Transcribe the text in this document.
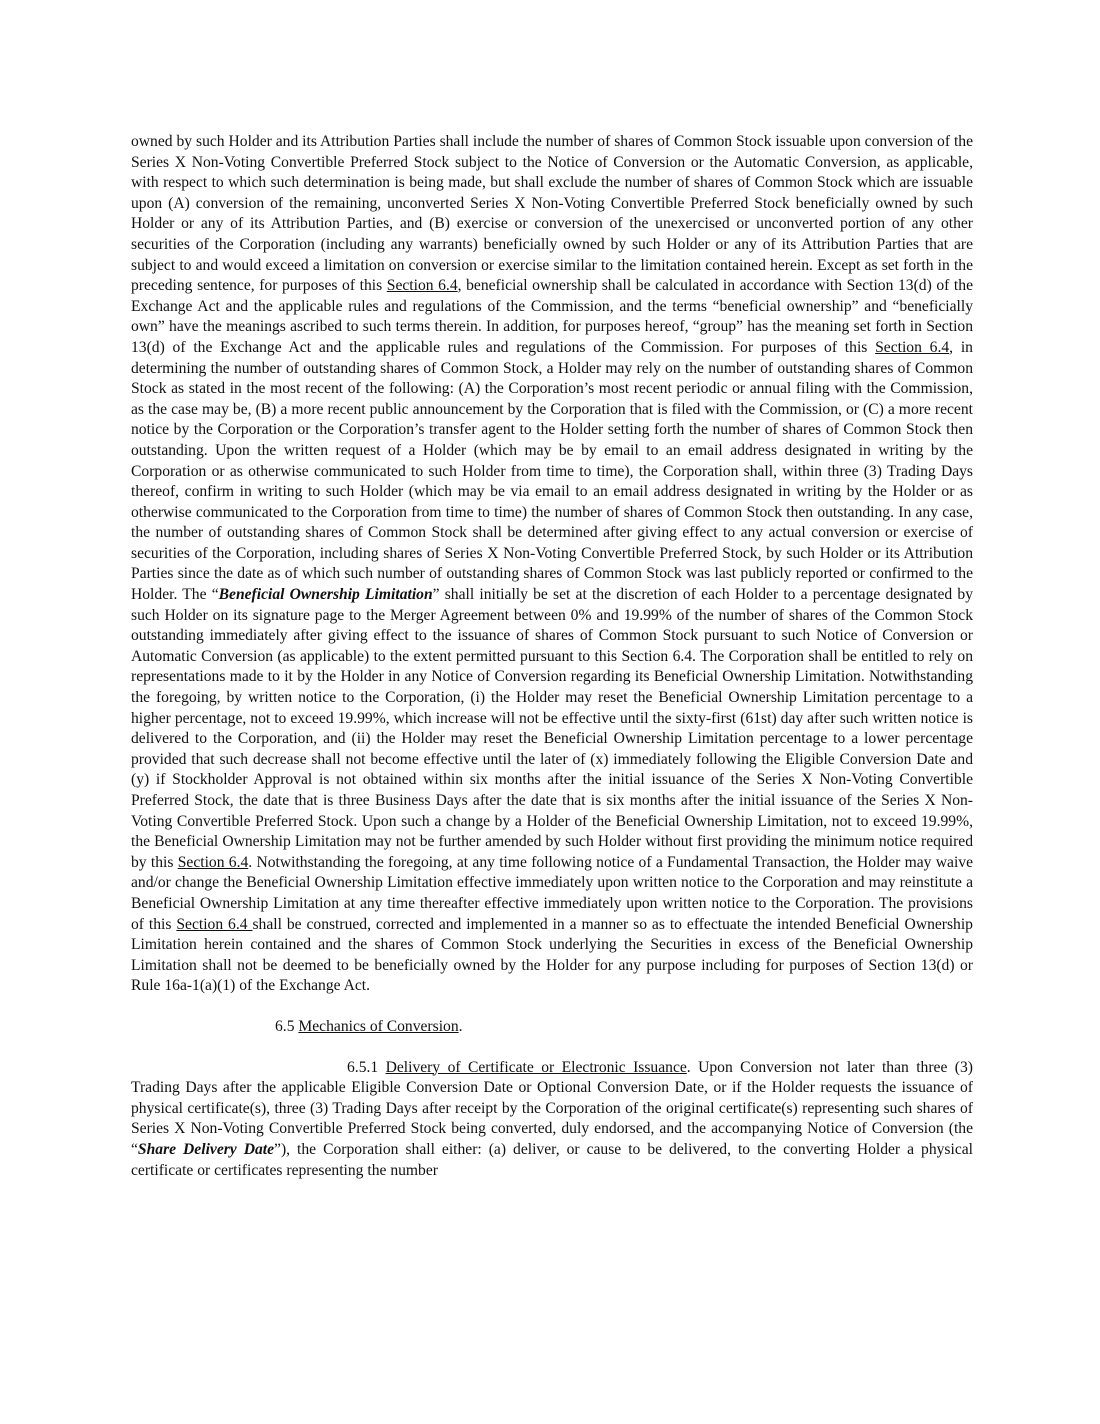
owned by such Holder and its Attribution Parties shall include the number of shares of Common Stock issuable upon conversion of the Series X Non-Voting Convertible Preferred Stock subject to the Notice of Conversion or the Automatic Conversion, as applicable, with respect to which such determination is being made, but shall exclude the number of shares of Common Stock which are issuable upon (A) conversion of the remaining, unconverted Series X Non-Voting Convertible Preferred Stock beneficially owned by such Holder or any of its Attribution Parties, and (B) exercise or conversion of the unexercised or unconverted portion of any other securities of the Corporation (including any warrants) beneficially owned by such Holder or any of its Attribution Parties that are subject to and would exceed a limitation on conversion or exercise similar to the limitation contained herein. Except as set forth in the preceding sentence, for purposes of this Section 6.4, beneficial ownership shall be calculated in accordance with Section 13(d) of the Exchange Act and the applicable rules and regulations of the Commission, and the terms “beneficial ownership” and “beneficially own” have the meanings ascribed to such terms therein. In addition, for purposes hereof, “group” has the meaning set forth in Section 13(d) of the Exchange Act and the applicable rules and regulations of the Commission. For purposes of this Section 6.4, in determining the number of outstanding shares of Common Stock, a Holder may rely on the number of outstanding shares of Common Stock as stated in the most recent of the following: (A) the Corporation’s most recent periodic or annual filing with the Commission, as the case may be, (B) a more recent public announcement by the Corporation that is filed with the Commission, or (C) a more recent notice by the Corporation or the Corporation’s transfer agent to the Holder setting forth the number of shares of Common Stock then outstanding. Upon the written request of a Holder (which may be by email to an email address designated in writing by the Corporation or as otherwise communicated to such Holder from time to time), the Corporation shall, within three (3) Trading Days thereof, confirm in writing to such Holder (which may be via email to an email address designated in writing by the Holder or as otherwise communicated to the Corporation from time to time) the number of shares of Common Stock then outstanding. In any case, the number of outstanding shares of Common Stock shall be determined after giving effect to any actual conversion or exercise of securities of the Corporation, including shares of Series X Non-Voting Convertible Preferred Stock, by such Holder or its Attribution Parties since the date as of which such number of outstanding shares of Common Stock was last publicly reported or confirmed to the Holder. The “Beneficial Ownership Limitation” shall initially be set at the discretion of each Holder to a percentage designated by such Holder on its signature page to the Merger Agreement between 0% and 19.99% of the number of shares of the Common Stock outstanding immediately after giving effect to the issuance of shares of Common Stock pursuant to such Notice of Conversion or Automatic Conversion (as applicable) to the extent permitted pursuant to this Section 6.4. The Corporation shall be entitled to rely on representations made to it by the Holder in any Notice of Conversion regarding its Beneficial Ownership Limitation. Notwithstanding the foregoing, by written notice to the Corporation, (i) the Holder may reset the Beneficial Ownership Limitation percentage to a higher percentage, not to exceed 19.99%, which increase will not be effective until the sixty-first (61st) day after such written notice is delivered to the Corporation, and (ii) the Holder may reset the Beneficial Ownership Limitation percentage to a lower percentage provided that such decrease shall not become effective until the later of (x) immediately following the Eligible Conversion Date and (y) if Stockholder Approval is not obtained within six months after the initial issuance of the Series X Non-Voting Convertible Preferred Stock, the date that is three Business Days after the date that is six months after the initial issuance of the Series X Non-Voting Convertible Preferred Stock. Upon such a change by a Holder of the Beneficial Ownership Limitation, not to exceed 19.99%, the Beneficial Ownership Limitation may not be further amended by such Holder without first providing the minimum notice required by this Section 6.4. Notwithstanding the foregoing, at any time following notice of a Fundamental Transaction, the Holder may waive and/or change the Beneficial Ownership Limitation effective immediately upon written notice to the Corporation and may reinstitute a Beneficial Ownership Limitation at any time thereafter effective immediately upon written notice to the Corporation. The provisions of this Section 6.4 shall be construed, corrected and implemented in a manner so as to effectuate the intended Beneficial Ownership Limitation herein contained and the shares of Common Stock underlying the Securities in excess of the Beneficial Ownership Limitation shall not be deemed to be beneficially owned by the Holder for any purpose including for purposes of Section 13(d) or Rule 16a-1(a)(1) of the Exchange Act.

6.5 Mechanics of Conversion.

6.5.1 Delivery of Certificate or Electronic Issuance. Upon Conversion not later than three (3) Trading Days after the applicable Eligible Conversion Date or Optional Conversion Date, or if the Holder requests the issuance of physical certificate(s), three (3) Trading Days after receipt by the Corporation of the original certificate(s) representing such shares of Series X Non-Voting Convertible Preferred Stock being converted, duly endorsed, and the accompanying Notice of Conversion (the “Share Delivery Date”), the Corporation shall either: (a) deliver, or cause to be delivered, to the converting Holder a physical certificate or certificates representing the number
